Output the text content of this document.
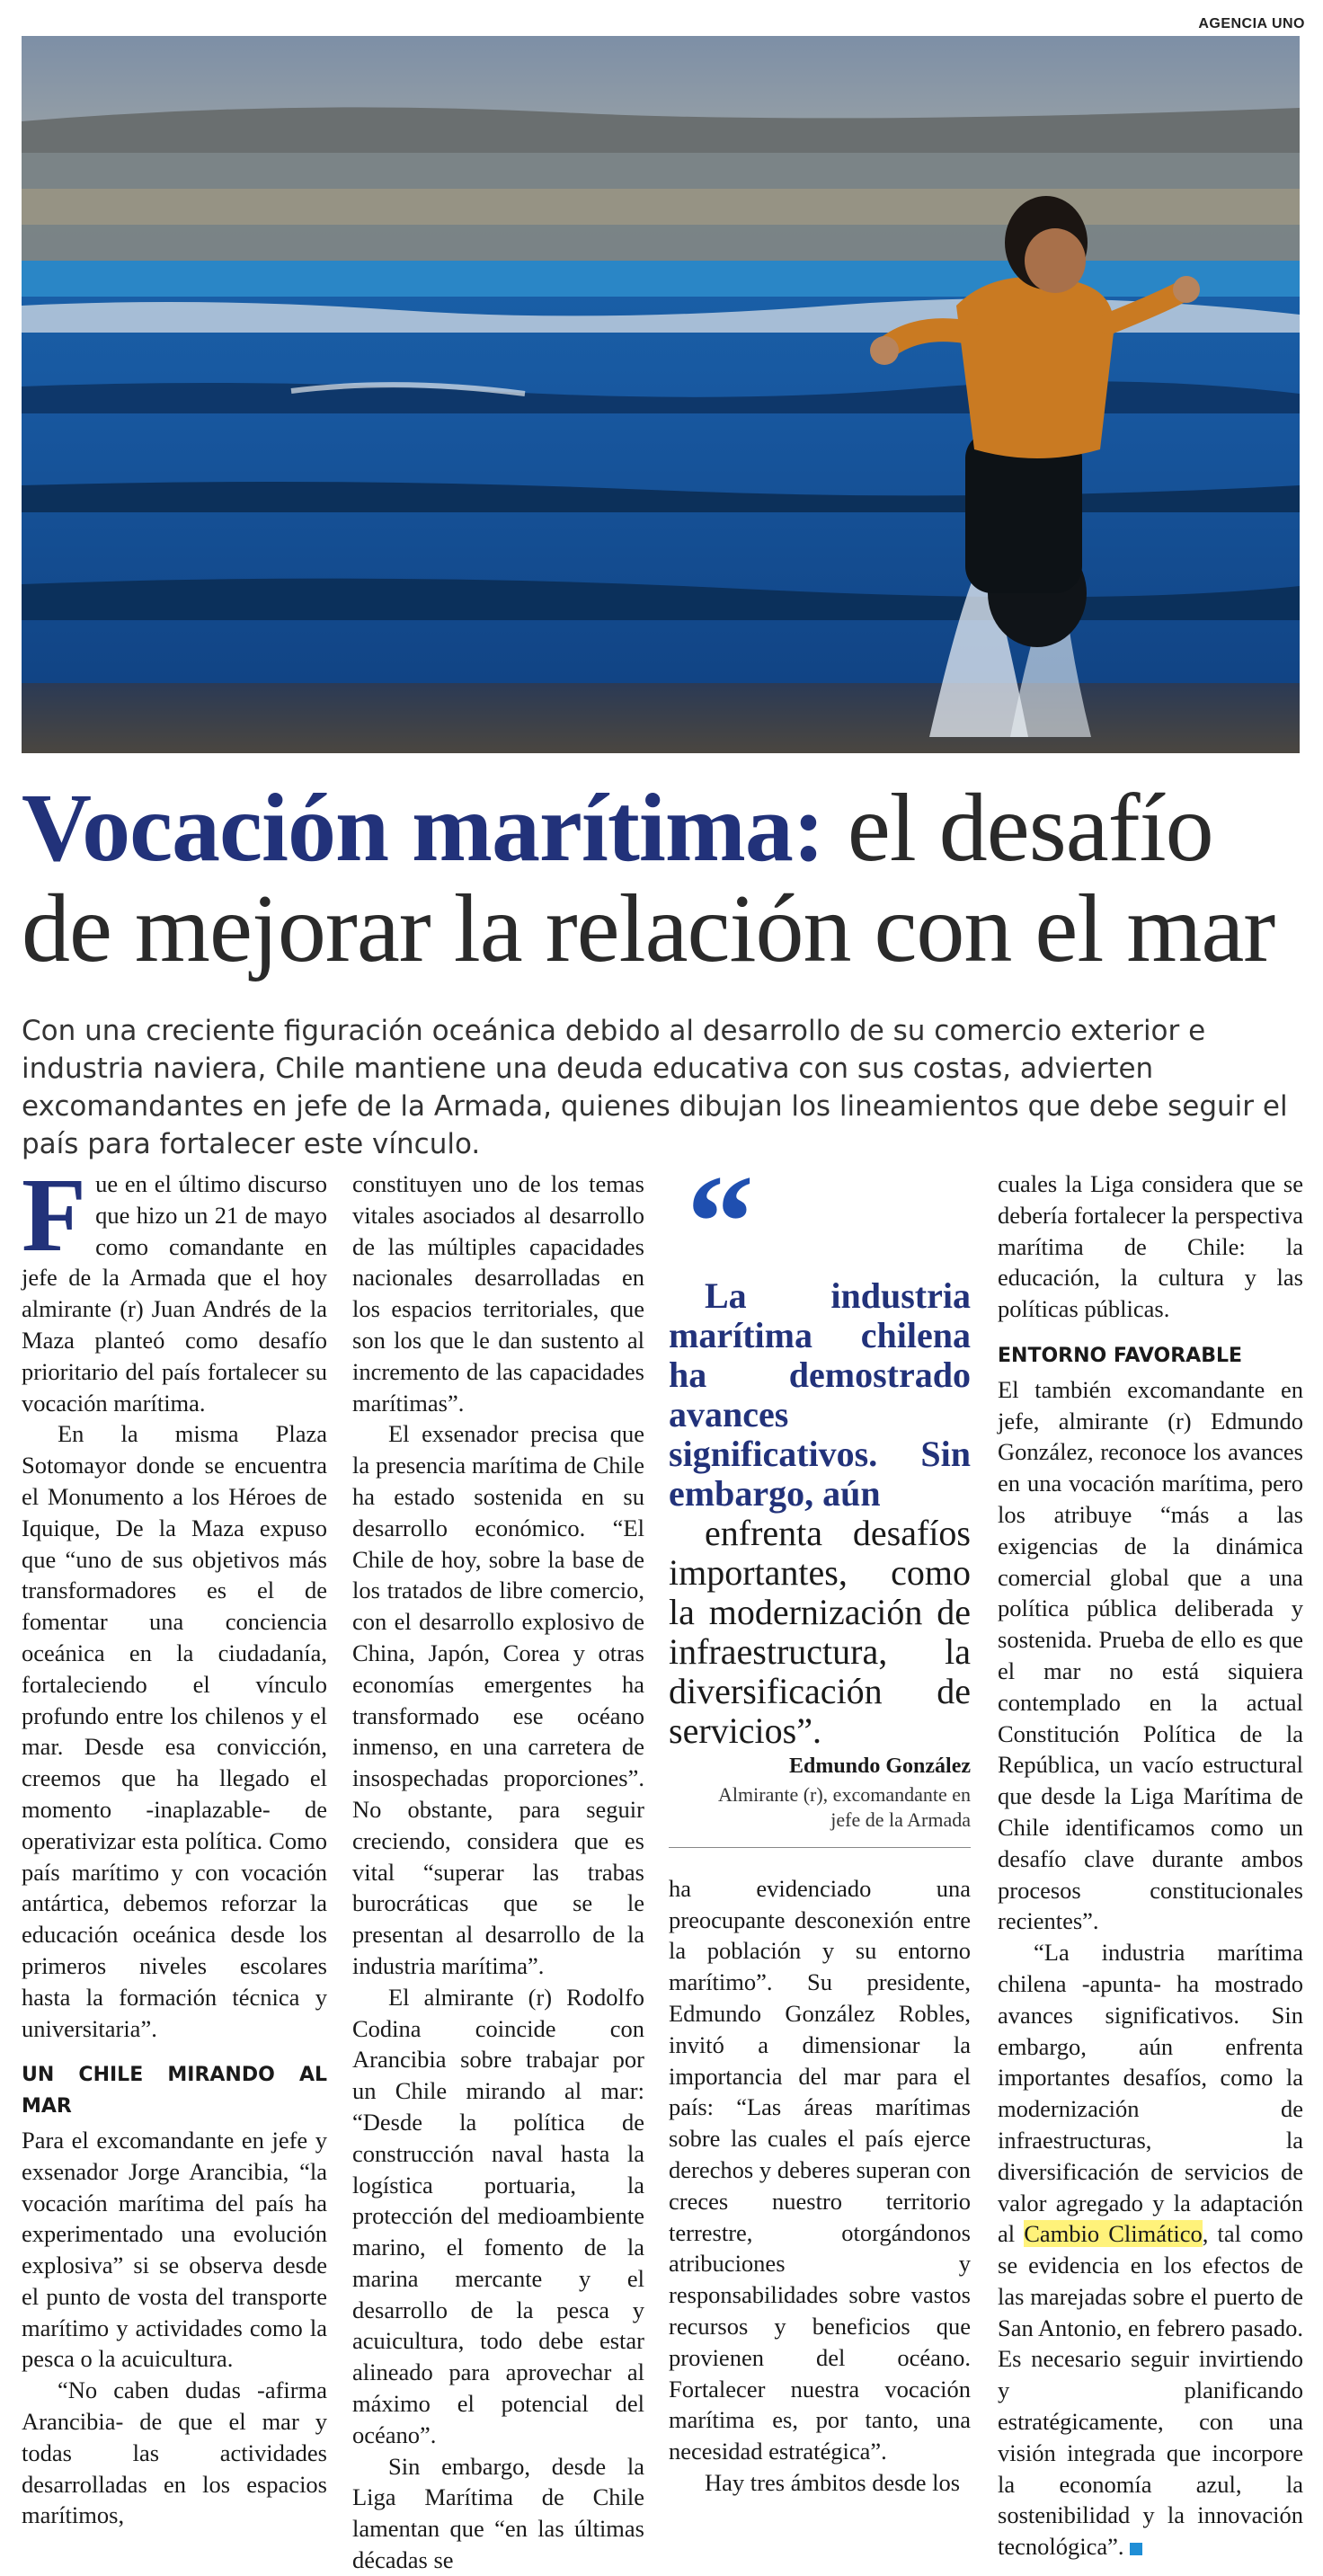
AGENCIA UNO
Vocación marítima: el desafío de mejorar la relación con el mar
Con una creciente figuración oceánica debido al desarrollo de su comercio exterior e industria naviera, Chile mantiene una deuda educativa con sus costas, advierten excomandantes en jefe de la Armada, quienes dibujan los lineamientos que debe seguir el país para fortalecer este vínculo.

Fue en el último discurso que hizo un 21 de mayo como comandante en jefe de la Armada que el hoy almirante (r) Juan Andrés de la Maza planteó como desafío prioritario del país fortalecer su vocación marítima.

En la misma Plaza Sotomayor donde se encuentra el Monumento a los Héroes de Iquique, De la Maza expuso que “uno de sus objetivos más transformadores es el de fomentar una conciencia oceánica en la ciudadanía, fortaleciendo el vínculo profundo entre los chilenos y el mar. Desde esa convicción, creemos que ha llegado el momento -inaplazable- de operativizar esta política. Como país marítimo y con vocación antártica, debemos reforzar la educación oceánica desde los primeros niveles escolares hasta la formación técnica y universitaria”.

UN CHILE MIRANDO AL MAR

Para el excomandante en jefe y exsenador Jorge Arancibia, “la vocación marítima del país ha experimentado una evolución explosiva” si se observa desde el punto de vosta del transporte marítimo y actividades como la pesca o la acuicultura.

“No caben dudas -afirma Arancibia- de que el mar y todas las actividades desarrolladas en los espacios marítimos,

constituyen uno de los temas vitales asociados al desarrollo de las múltiples capacidades nacionales desarrolladas en los espacios territoriales, que son los que le dan sustento al incremento de las capacidades marítimas”.

El exsenador precisa que la presencia marítima de Chile ha estado sostenida en su desarrollo económico. “El Chile de hoy, sobre la base de los tratados de libre comercio, con el desarrollo explosivo de China, Japón, Corea y otras economías emergentes ha transformado ese océano inmenso, en una carretera de insospechadas proporciones”. No obstante, para seguir creciendo, considera que es vital “superar las trabas burocráticas que se le presentan al desarrollo de la industria marítima”.

El almirante (r) Rodolfo Codina coincide con Arancibia sobre trabajar por un Chile mirando al mar: “Desde la política de construcción naval hasta la logística portuaria, la protección del medioambiente marino, el fomento de la marina mercante y el desarrollo de la pesca y acuicultura, todo debe estar alineado para aprovechar al máximo el potencial del océano”.

Sin embargo, desde la Liga Marítima de Chile lamentan que “en las últimas décadas se

“

La industria marítima chilena ha demostrado avances significativos. Sin embargo, aún

enfrenta desafíos importantes, como la modernización de infraestructura, la diversificación de servicios”.

Edmundo González

Almirante (r), excomandante en jefe de la Armada

ha evidenciado una preocupante desconexión entre la población y su entorno marítimo”. Su presidente, Edmundo González Robles, invitó a dimensionar la importancia del mar para el país: “Las áreas marítimas sobre las cuales el país ejerce derechos y deberes superan con creces nuestro territorio terrestre, otorgándonos atribuciones y responsabilidades sobre vastos recursos y beneficios que provienen del océano. Fortalecer nuestra vocación marítima es, por tanto, una necesidad estratégica”.

Hay tres ámbitos desde los

cuales la Liga considera que se debería fortalecer la perspectiva marítima de Chile: la educación, la cultura y las políticas públicas.

ENTORNO FAVORABLE

El también excomandante en jefe, almirante (r) Edmundo González, reconoce los avances en una vocación marítima, pero los atribuye “más a las exigencias de la dinámica comercial global que a una política pública deliberada y sostenida. Prueba de ello es que el mar no está siquiera contemplado en la actual Constitución Política de la República, un vacío estructural que desde la Liga Marítima de Chile identificamos como un desafío clave durante ambos procesos constitucionales recientes”.

“La industria marítima chilena -apunta- ha mostrado avances significativos. Sin embargo, aún enfrenta importantes desafíos, como la modernización de infraestructuras, la diversificación de servicios de valor agregado y la adaptación al Cambio Climático, tal como se evidencia en los efectos de las marejadas sobre el puerto de San Antonio, en febrero pasado. Es necesario seguir invirtiendo y planificando estratégicamente, con una visión integrada que incorpore la economía azul, la sostenibilidad y la innovación tecnológica”.
